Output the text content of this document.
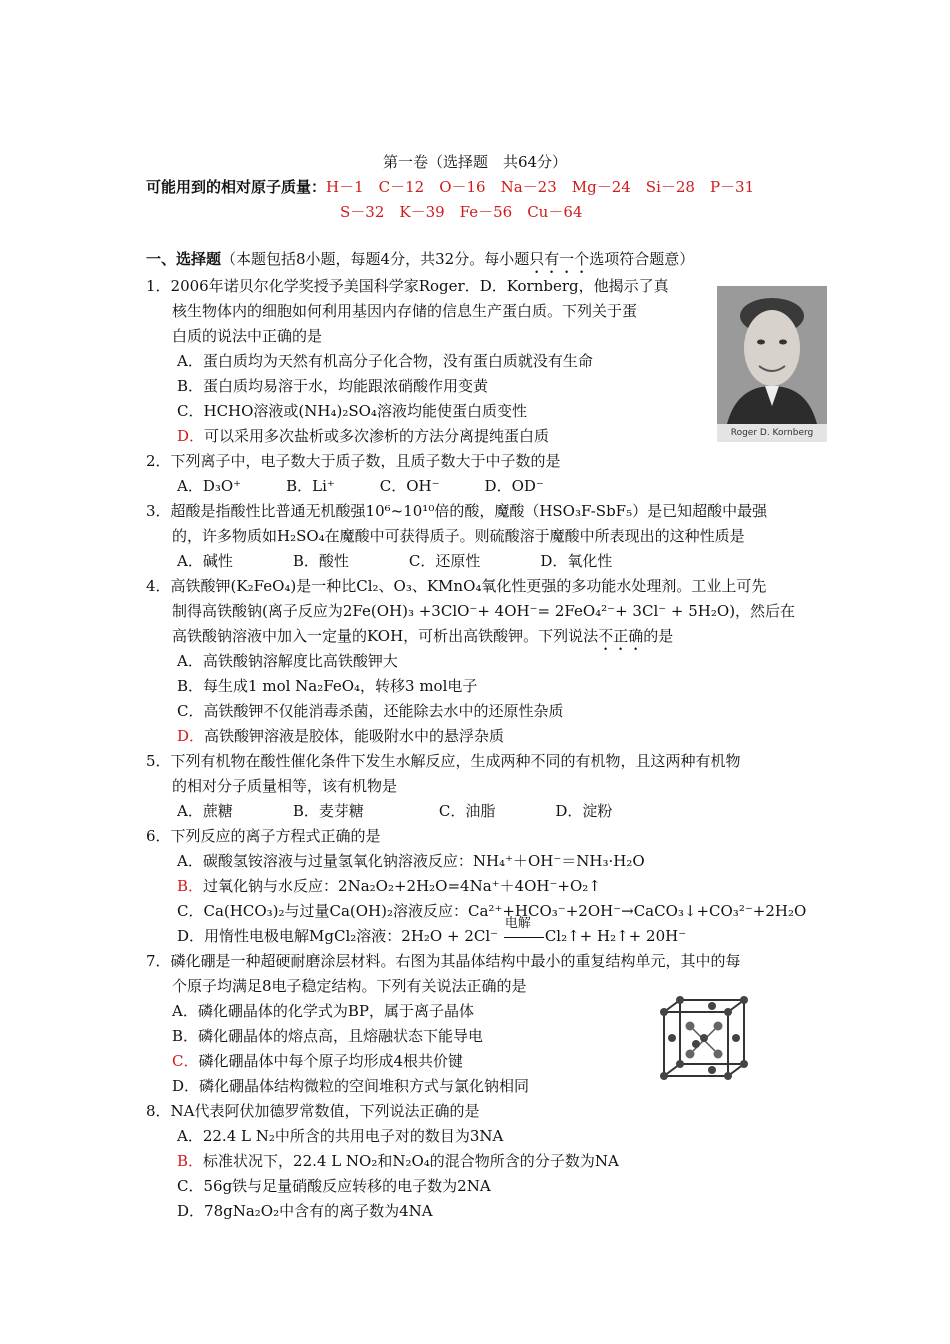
第一卷（选择题　共64分）
可能用到的相对原子质量：H－1　C－12　O－16　Na－23　Mg－24　Si－28　P－31
S－32　K－39　Fe－56　Cu－64
一、选择题（本题包括8小题，每题4分，共32分。每小题只有一个选项符合题意）
1．2006年诺贝尔化学奖授予美国科学家Roger．D．Kornberg，他揭示了真
核生物体内的细胞如何利用基因内存储的信息生产蛋白质。下列关于蛋
白质的说法中正确的是
A．蛋白质均为天然有机高分子化合物，没有蛋白质就没有生命
B．蛋白质均易溶于水，均能跟浓硝酸作用变黄
C．HCHO溶液或(NH₄)₂SO₄溶液均能使蛋白质变性
D．可以采用多次盐析或多次渗析的方法分离提纯蛋白质	Roger D. Kornberg
2．下列离子中，电子数大于质子数，且质子数大于中子数的是
A．D₃O⁺　　　B．Li⁺　　　C．OH⁻　　　D．OD⁻
3．超酸是指酸性比普通无机酸强10⁶~10¹⁰倍的酸，魔酸（HSO₃F-SbF₅）是已知超酸中最强
的，许多物质如H₂SO₄在魔酸中可获得质子。则硫酸溶于魔酸中所表现出的这种性质是
A．碱性　　　　B．酸性　　　　C．还原性　　　　D．氧化性
4．高铁酸钾(K₂FeO₄)是一种比Cl₂、O₃、KMnO₄氧化性更强的多功能水处理剂。工业上可先
制得高铁酸钠(离子反应为2Fe(OH)₃ +3ClO⁻+ 4OH⁻= 2FeO₄²⁻+ 3Cl⁻ + 5H₂O)，然后在
高铁酸钠溶液中加入一定量的KOH，可析出高铁酸钾。下列说法不正确的是
A．高铁酸钠溶解度比高铁酸钾大
B．每生成1 mol Na₂FeO₄，转移3 mol电子
C．高铁酸钾不仅能消毒杀菌，还能除去水中的还原性杂质
D．高铁酸钾溶液是胶体，能吸附水中的悬浮杂质
5．下列有机物在酸性催化条件下发生水解反应，生成两种不同的有机物，且这两种有机物
的相对分子质量相等，该有机物是
A．蔗糖　　　　B．麦芽糖　　　　　C．油脂　　　　D．淀粉
6．下列反应的离子方程式正确的是
A．碳酸氢铵溶液与过量氢氧化钠溶液反应：NH₄⁺＋OH⁻＝NH₃·H₂O
B．过氧化钠与水反应：2Na₂O₂+2H₂O=4Na⁺＋4OH⁻+O₂↑
C．Ca(HCO₃)₂与过量Ca(OH)₂溶液反应：Ca²⁺+HCO₃⁻+2OH⁻→CaCO₃↓+CO₃²⁻+2H₂O
D．用惰性电极电解MgCl₂溶液：2H₂O + 2Cl⁻
电解
Cl₂↑+ H₂↑+ 20H⁻
7．磷化硼是一种超硬耐磨涂层材料。右图为其晶体结构中最小的重复结构单元，其中的每
个原子均满足8电子稳定结构。下列有关说法正确的是
A．磷化硼晶体的化学式为BP，属于离子晶体
B．磷化硼晶体的熔点高，且熔融状态下能导电
C．磷化硼晶体中每个原子均形成4根共价键
D．磷化硼晶体结构微粒的空间堆积方式与氯化钠相同
8．NA代表阿伏加德罗常数值，下列说法正确的是
A．22.4 L N₂中所含的共用电子对的数目为3NA
B．标准状况下，22.4 L NO₂和N₂O₄的混合物所含的分子数为NA
C．56g铁与足量硝酸反应转移的电子数为2NA
D．78gNa₂O₂中含有的离子数为4NA
